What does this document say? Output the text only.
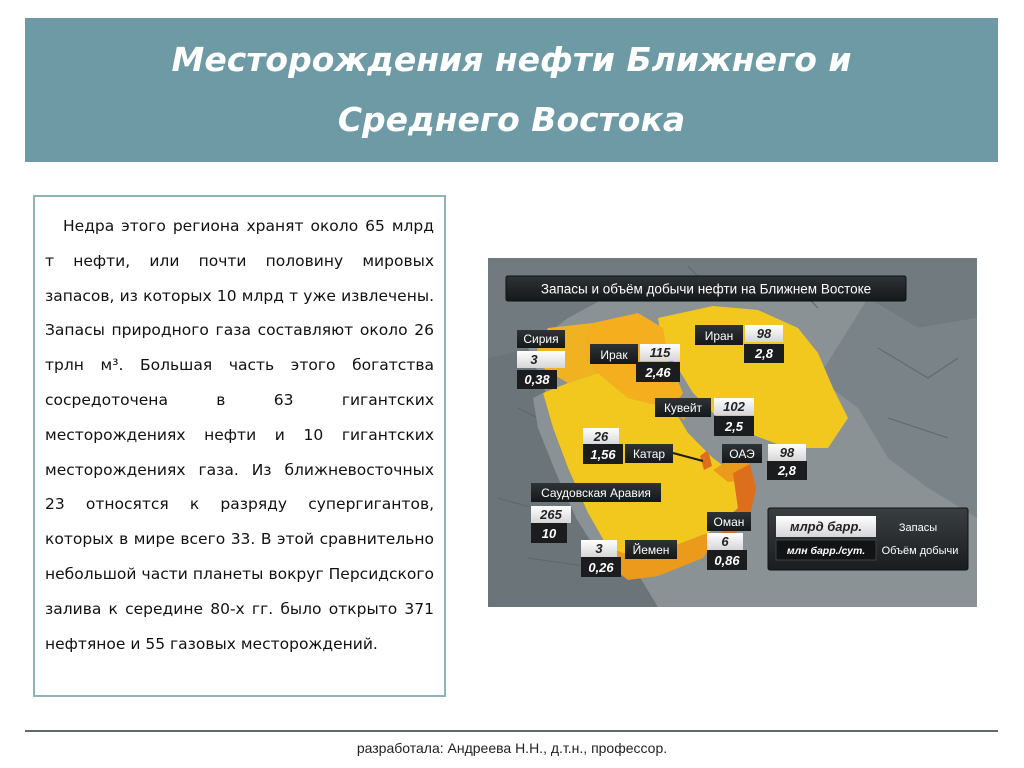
Месторождения нефти Ближнего и Среднего Востока

Недра этого региона хранят около 65 млрд т нефти, или почти половину мировых запасов, из которых 10 млрд т уже извлечены. Запасы природного газа составляют около 26 трлн м³. Большая часть этого богатства сосредоточена в 63 гигантских месторождениях нефти и 10 гигантских месторождениях газа. Из ближневосточных 23 относятся к разряду супергигантов, которых в мире всего 33. В этой сравнительно небольшой части планеты вокруг Персидского залива к середине 80-х гг. было открыто 371 нефтяное и 55 газовых месторождений.

Запасы и объём добычи нефти на Ближнем Востоке
Сирия
3
0,38
Ирак 115
2,46
Иран 98
2,8
Кувейт 102
2,5
26
1,56 Катар	ОАЭ 98
2,8
Саудовская Аравия
265
10
3 Йемен
0,26
Оман
6
0,86
млрд барр.	Запасы
млн барр./сут. Объём добычи
разработала: Андреева Н.Н., д.т.н., профессор.
